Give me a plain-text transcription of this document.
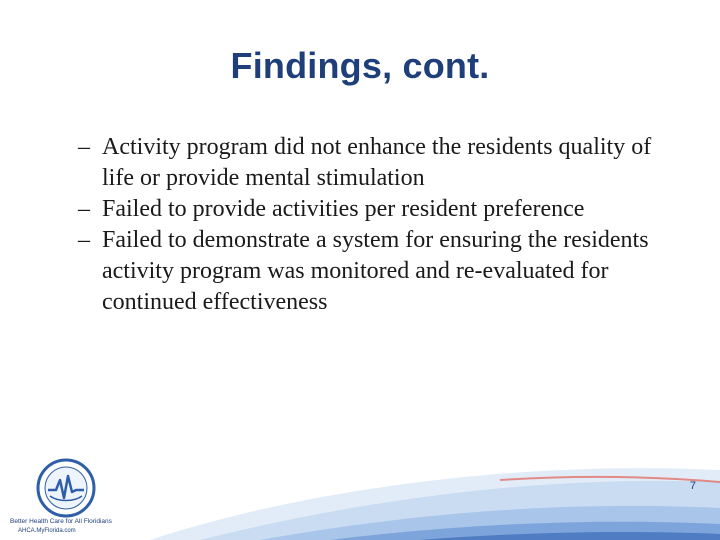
Findings, cont.
– Activity program did not enhance the residents quality of life or provide mental stimulation
– Failed to provide activities per resident preference
– Failed to demonstrate a system for ensuring the residents activity program was monitored and re-evaluated for continued effectiveness
Better Health Care for All Floridians
AHCA.MyFlorida.com
7
